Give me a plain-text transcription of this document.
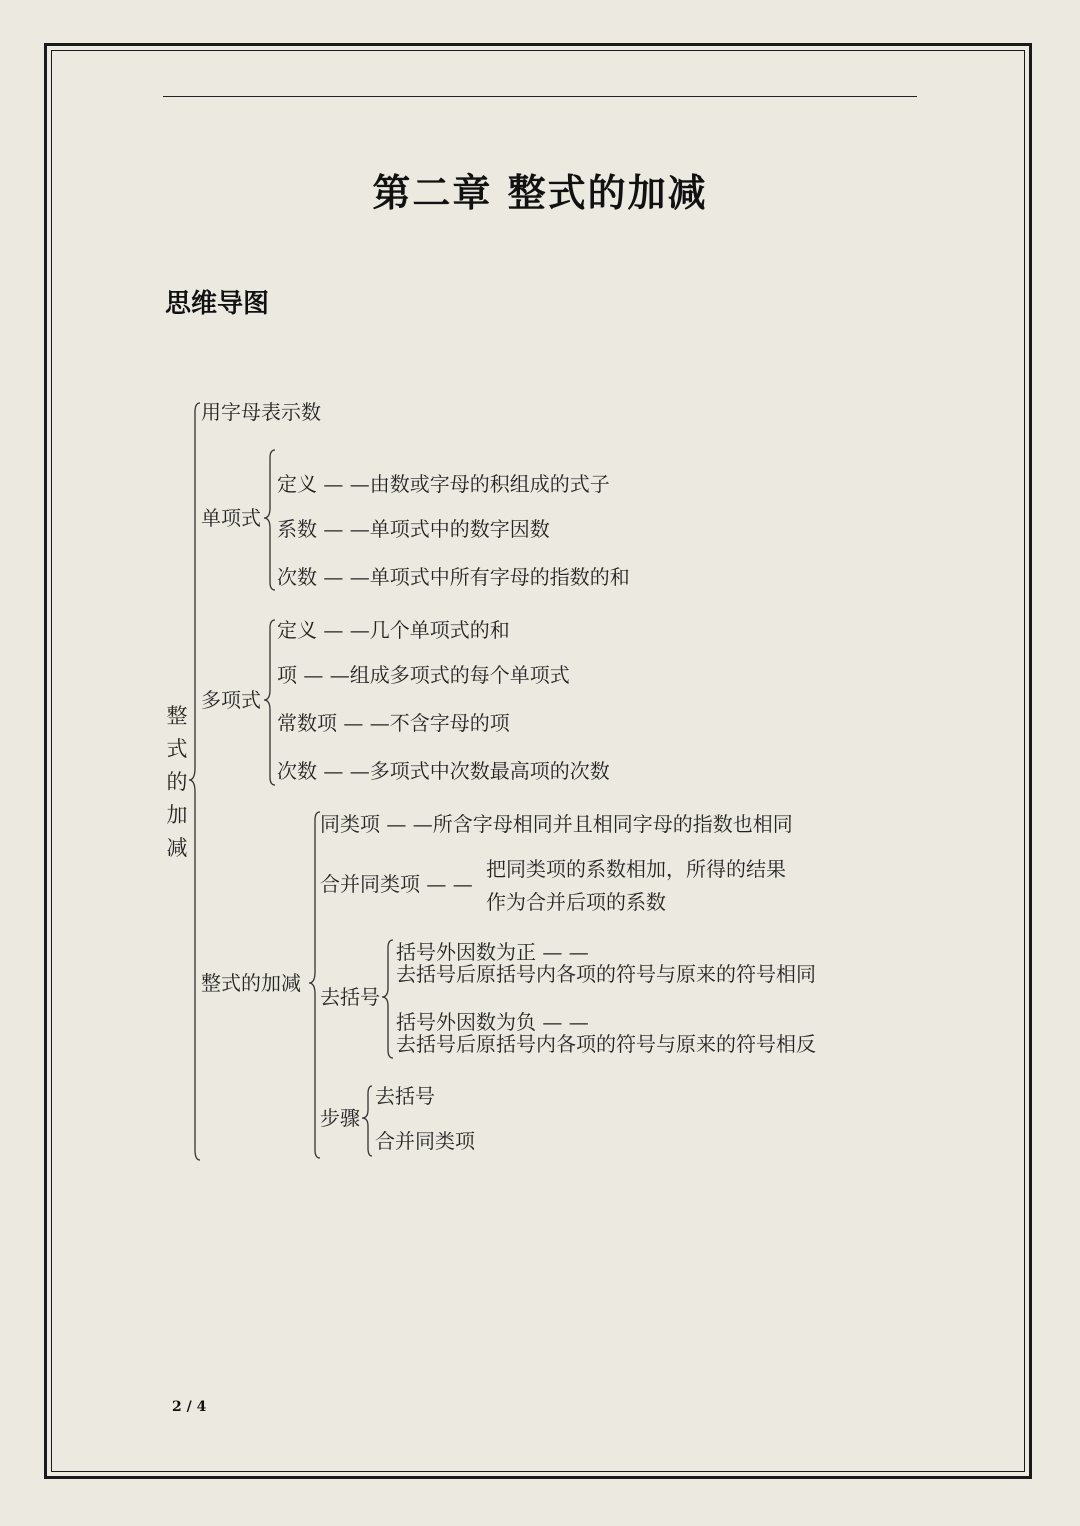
第二章 整式的加减
思维导图
整
式
的
加
减
用字母表示数
单项式
定义 — —由数或字母的积组成的式子
系数 — —单项式中的数字因数
次数 — —单项式中所有字母的指数的和
多项式
定义 — —几个单项式的和
项 — —组成多项式的每个单项式
常数项 — —不含字母的项
次数 — —多项式中次数最高项的次数
整式的加减
同类项 — —所含字母相同并且相同字母的指数也相同
合并同类项 — —
把同类项的系数相加，所得的结果
作为合并后项的系数
去括号
括号外因数为正 — —
去括号后原括号内各项的符号与原来的符号相同
括号外因数为负 — —
去括号后原括号内各项的符号与原来的符号相反
步骤
去括号
合并同类项
2 / 4
